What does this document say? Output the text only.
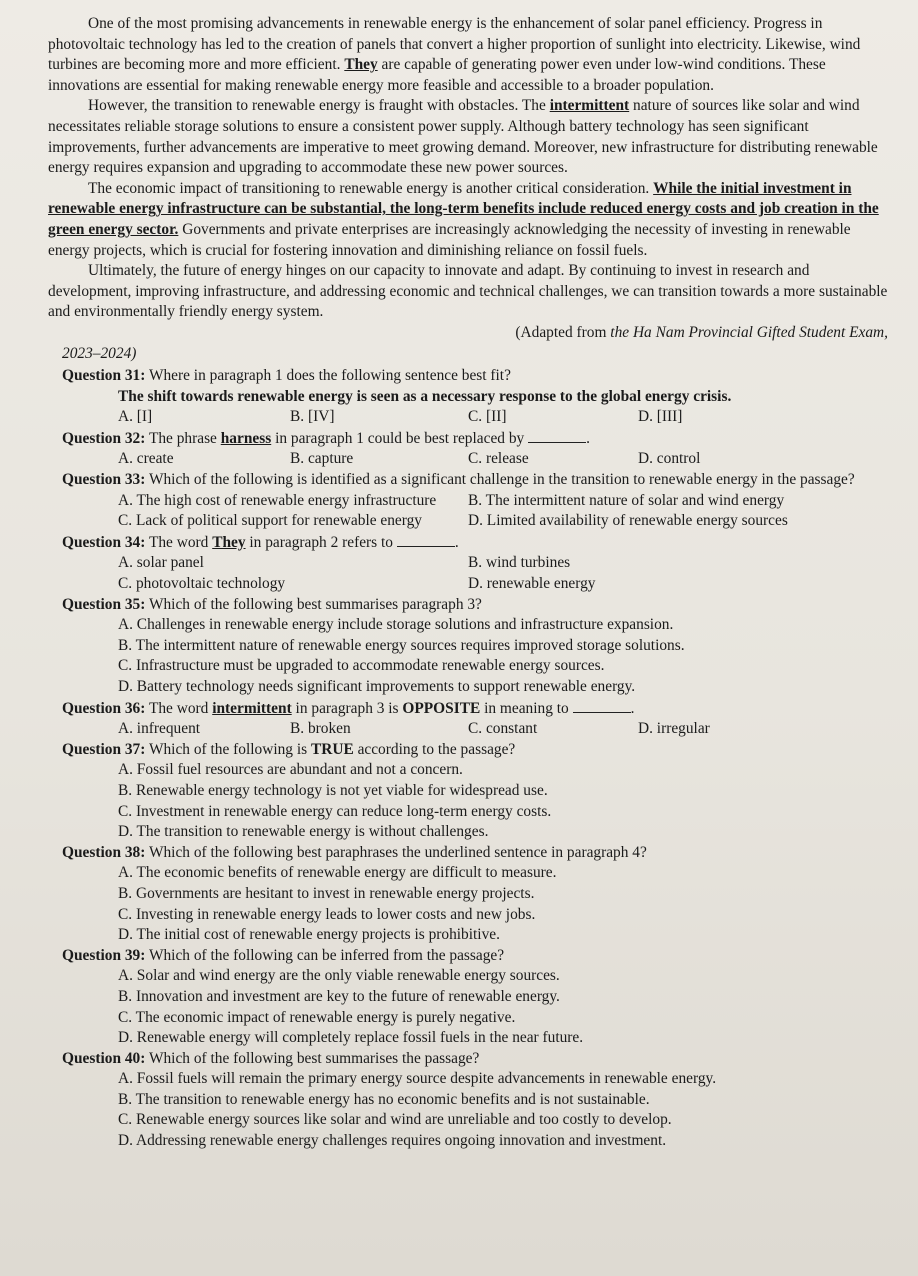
One of the most promising advancements in renewable energy is the enhancement of solar panel efficiency. Progress in photovoltaic technology has led to the creation of panels that convert a higher proportion of sunlight into electricity. Likewise, wind turbines are becoming more and more efficient. They are capable of generating power even under low-wind conditions. These innovations are essential for making renewable energy more feasible and accessible to a broader population.

However, the transition to renewable energy is fraught with obstacles. The intermittent nature of sources like solar and wind necessitates reliable storage solutions to ensure a consistent power supply. Although battery technology has seen significant improvements, further advancements are imperative to meet growing demand. Moreover, new infrastructure for distributing renewable energy requires expansion and upgrading to accommodate these new power sources.

The economic impact of transitioning to renewable energy is another critical consideration. While the initial investment in renewable energy infrastructure can be substantial, the long-term benefits include reduced energy costs and job creation in the green energy sector. Governments and private enterprises are increasingly acknowledging the necessity of investing in renewable energy projects, which is crucial for fostering innovation and diminishing reliance on fossil fuels.

Ultimately, the future of energy hinges on our capacity to innovate and adapt. By continuing to invest in research and development, improving infrastructure, and addressing economic and technical challenges, we can transition towards a more sustainable and environmentally friendly energy system.

(Adapted from the Ha Nam Provincial Gifted Student Exam,

2023–2024)

Question 31: Where in paragraph 1 does the following sentence best fit?

The shift towards renewable energy is seen as a necessary response to the global energy crisis.

A. [I]	B. [IV]	C. [II]	D. [III]

Question 32: The phrase harness in paragraph 1 could be best replaced by	.

A. create	B. capture	C. release	D. control

Question 33: Which of the following is identified as a significant challenge in the transition to renewable energy in the passage?

A. The high cost of renewable energy infrastructure	B. The intermittent nature of solar and wind energy
C. Lack of political support for renewable energy	D. Limited availability of renewable energy sources

Question 34: The word They in paragraph 2 refers to	.

A. solar panel	B. wind turbines
C. photovoltaic technology	D. renewable energy

Question 35: Which of the following best summarises paragraph 3?

A. Challenges in renewable energy include storage solutions and infrastructure expansion.
B. The intermittent nature of renewable energy sources requires improved storage solutions.
C. Infrastructure must be upgraded to accommodate renewable energy sources.
D. Battery technology needs significant improvements to support renewable energy.

Question 36: The word intermittent in paragraph 3 is OPPOSITE in meaning to	.

A. infrequent	B. broken	C. constant	D. irregular

Question 37: Which of the following is TRUE according to the passage?

A. Fossil fuel resources are abundant and not a concern.
B. Renewable energy technology is not yet viable for widespread use.
C. Investment in renewable energy can reduce long-term energy costs.
D. The transition to renewable energy is without challenges.

Question 38: Which of the following best paraphrases the underlined sentence in paragraph 4?

A. The economic benefits of renewable energy are difficult to measure.
B. Governments are hesitant to invest in renewable energy projects.
C. Investing in renewable energy leads to lower costs and new jobs.
D. The initial cost of renewable energy projects is prohibitive.

Question 39: Which of the following can be inferred from the passage?

A. Solar and wind energy are the only viable renewable energy sources.
B. Innovation and investment are key to the future of renewable energy.
C. The economic impact of renewable energy is purely negative.
D. Renewable energy will completely replace fossil fuels in the near future.

Question 40: Which of the following best summarises the passage?

A. Fossil fuels will remain the primary energy source despite advancements in renewable energy.
B. The transition to renewable energy has no economic benefits and is not sustainable.
C. Renewable energy sources like solar and wind are unreliable and too costly to develop.
D. Addressing renewable energy challenges requires ongoing innovation and investment.
